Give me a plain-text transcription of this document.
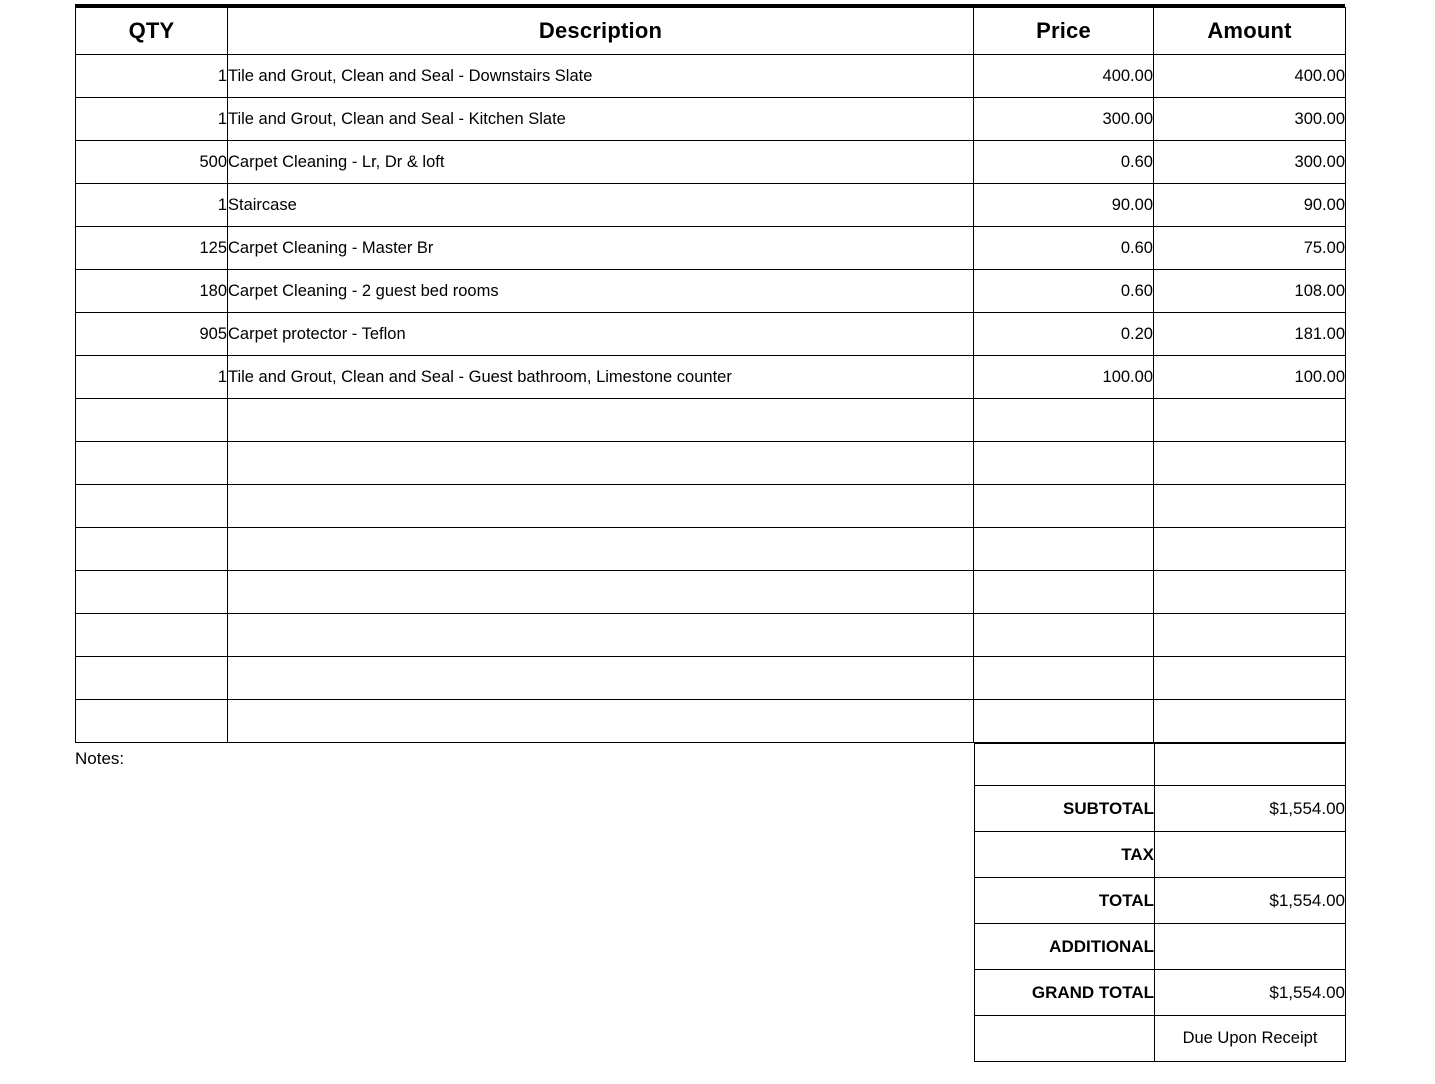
QTY	Description	Price	Amount
1	Tile and Grout, Clean and Seal - Downstairs Slate	400.00	400.00
1	Tile and Grout, Clean and Seal - Kitchen Slate	300.00	300.00
500	Carpet Cleaning - Lr, Dr & loft	0.60	300.00
1	Staircase	90.00	90.00
125	Carpet Cleaning - Master Br	0.60	75.00
180	Carpet Cleaning - 2 guest bed rooms	0.60	108.00
905	Carpet protector - Teflon	0.20	181.00
1	Tile and Grout, Clean and Seal - Guest bathroom, Limestone counter	100.00	100.00

Notes:

SUBTOTAL	$1,554.00
TAX	
TOTAL	$1,554.00
ADDITIONAL	
GRAND TOTAL	$1,554.00
	Due Upon Receipt
